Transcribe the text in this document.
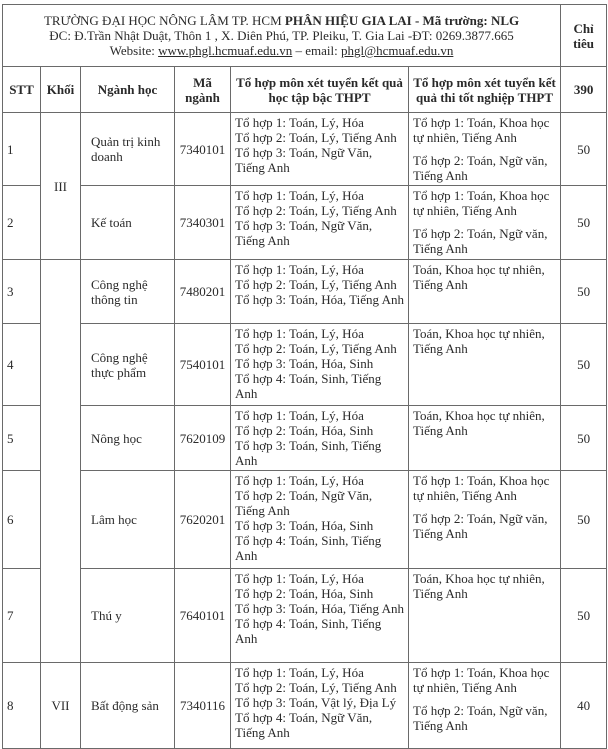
TRƯỜNG ĐẠI HỌC NÔNG LÂM TP. HCM PHÂN HIỆU GIA LAI - Mã trường: NLG
ĐC: Đ.Trần Nhật Duật, Thôn 1 , X. Diên Phú, TP. Pleiku, T. Gia Lai -ĐT: 0269.3877.665
Website: www.phgl.hcmuaf.edu.vn – email: phgl@hcmuaf.edu.vn						Chỉ tiêu
STT	Khối	Ngành học	Mã ngành	Tổ hợp môn xét tuyển kết quả học tập bậc THPT	Tổ hợp môn xét tuyển kết quả thi tốt nghiệp THPT	390
1	III	Quản trị kinh doanh	7340101	Tổ hợp 1: Toán, Lý, Hóa
Tổ hợp 2: Toán, Lý, Tiếng Anh
Tổ hợp 3: Toán, Ngữ Văn, Tiếng Anh	Tổ hợp 1: Toán, Khoa học tự nhiên, Tiếng Anh
Tổ hợp 2: Toán, Ngữ văn, Tiếng Anh	50
2		Kế toán	7340301	Tổ hợp 1: Toán, Lý, Hóa
Tổ hợp 2: Toán, Lý, Tiếng Anh
Tổ hợp 3: Toán, Ngữ Văn, Tiếng Anh	Tổ hợp 1: Toán, Khoa học tự nhiên, Tiếng Anh
Tổ hợp 2: Toán, Ngữ văn, Tiếng Anh	50
3		Công nghệ thông tin	7480201	Tổ hợp 1: Toán, Lý, Hóa
Tổ hợp 2: Toán, Lý, Tiếng Anh
Tổ hợp 3: Toán, Hóa, Tiếng Anh	Toán, Khoa học tự nhiên, Tiếng Anh	50
4		Công nghệ thực phẩm	7540101	Tổ hợp 1: Toán, Lý, Hóa
Tổ hợp 2: Toán, Lý, Tiếng Anh
Tổ hợp 3: Toán, Hóa, Sinh
Tổ hợp 4: Toán, Sinh, Tiếng Anh	Toán, Khoa học tự nhiên, Tiếng Anh	50
5		Nông học	7620109	Tổ hợp 1: Toán, Lý, Hóa
Tổ hợp 2: Toán, Hóa, Sinh
Tổ hợp 3: Toán, Sinh, Tiếng Anh	Toán, Khoa học tự nhiên, Tiếng Anh	50
6		Lâm học	7620201	Tổ hợp 1: Toán, Lý, Hóa
Tổ hợp 2: Toán, Ngữ Văn, Tiếng Anh
Tổ hợp 3: Toán, Hóa, Sinh
Tổ hợp 4: Toán, Sinh, Tiếng Anh	Tổ hợp 1: Toán, Khoa học tự nhiên, Tiếng Anh
Tổ hợp 2: Toán, Ngữ văn, Tiếng Anh	50
7		Thú y	7640101	Tổ hợp 1: Toán, Lý, Hóa
Tổ hợp 2: Toán, Hóa, Sinh
Tổ hợp 3: Toán, Hóa, Tiếng Anh
Tổ hợp 4: Toán, Sinh, Tiếng Anh	Toán, Khoa học tự nhiên, Tiếng Anh	50
8	VII	Bất động sản	7340116	Tổ hợp 1: Toán, Lý, Hóa
Tổ hợp 2: Toán, Lý, Tiếng Anh
Tổ hợp 3: Toán, Vật lý, Địa Lý
Tổ hợp 4: Toán, Ngữ Văn, Tiếng Anh	Tổ hợp 1: Toán, Khoa học tự nhiên, Tiếng Anh
Tổ hợp 2: Toán, Ngữ văn, Tiếng Anh	40
